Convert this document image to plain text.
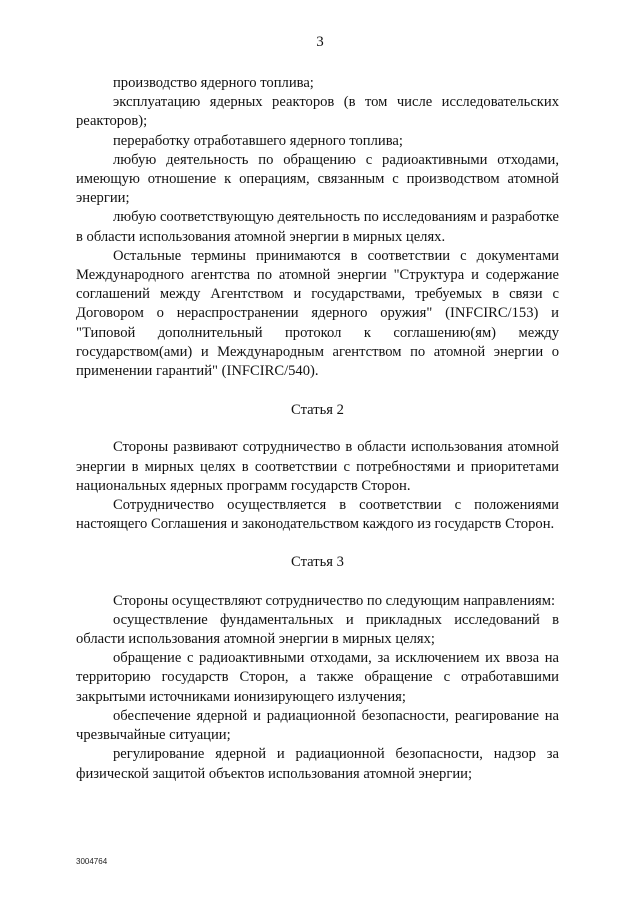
3

производство ядерного топлива;

эксплуатацию ядерных реакторов (в том числе исследовательских реакторов);

переработку отработавшего ядерного топлива;

любую деятельность по обращению с радиоактивными отходами, имеющую отношение к операциям, связанным с производством атомной энергии;

любую соответствующую деятельность по исследованиям и разработке в области использования атомной энергии в мирных целях.

Остальные термины принимаются в соответствии с документами Международного агентства по атомной энергии "Структура и содержание соглашений между Агентством и государствами, требуемых в связи с Договором о нераспространении ядерного оружия" (INFCIRC/153) и "Типовой дополнительный протокол к соглашению(ям) между государством(ами) и Международным агентством по атомной энергии о применении гарантий" (INFCIRC/540).

Статья 2

Стороны развивают сотрудничество в области использования атомной энергии в мирных целях в соответствии с потребностями и приоритетами национальных ядерных программ государств Сторон.

Сотрудничество осуществляется в соответствии с положениями настоящего Соглашения и законодательством каждого из государств Сторон.

Статья 3

Стороны осуществляют сотрудничество по следующим направлениям:

осуществление фундаментальных и прикладных исследований в области использования атомной энергии в мирных целях;

обращение с радиоактивными отходами, за исключением их ввоза на территорию государств Сторон, а также обращение с отработавшими закрытыми источниками ионизирующего излучения;

обеспечение ядерной и радиационной безопасности, реагирование на чрезвычайные ситуации;

регулирование ядерной и радиационной безопасности, надзор за физической защитой объектов использования атомной энергии;

3004764
